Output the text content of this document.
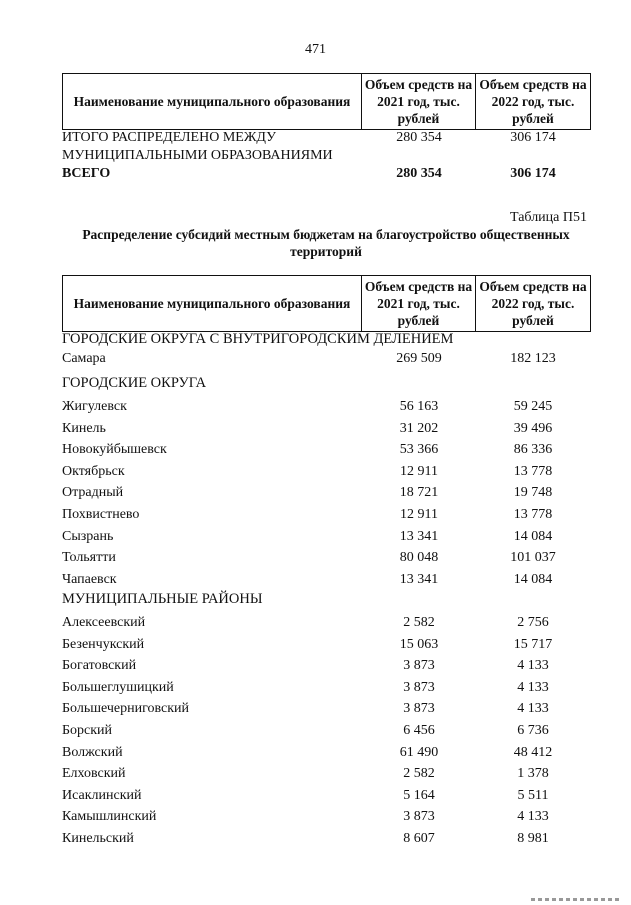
471
Наименование муниципального образования	Объем средств на 2021 год, тыс. рублей	Объем средств на 2022 год, тыс. рублей
ИТОГО РАСПРЕДЕЛЕНО МЕЖДУ	280 354	306 174
МУНИЦИПАЛЬНЫМИ ОБРАЗОВАНИЯМИ
ВСЕГО	280 354	306 174
Таблица П51
Распределение субсидий местным бюджетам на благоустройство общественных территорий
Наименование муниципального образования	Объем средств на 2021 год, тыс. рублей	Объем средств на 2022 год, тыс. рублей
ГОРОДСКИЕ ОКРУГА С ВНУТРИГОРОДСКИМ ДЕЛЕНИЕМ
Самара	269 509	182 123
ГОРОДСКИЕ ОКРУГА
Жигулевск	56 163	59 245
Кинель	31 202	39 496
Новокуйбышевск	53 366	86 336
Октябрьск	12 911	13 778
Отрадный	18 721	19 748
Похвистнево	12 911	13 778
Сызрань	13 341	14 084
Тольятти	80 048	101 037
Чапаевск	13 341	14 084
МУНИЦИПАЛЬНЫЕ РАЙОНЫ
Алексеевский	2 582	2 756
Безенчукский	15 063	15 717
Богатовский	3 873	4 133
Большеглушицкий	3 873	4 133
Большечерниговский	3 873	4 133
Борский	6 456	6 736
Волжский	61 490	48 412
Елховский	2 582	1 378
Исаклинский	5 164	5 511
Камышлинский	3 873	4 133
Кинельский	8 607	8 981
